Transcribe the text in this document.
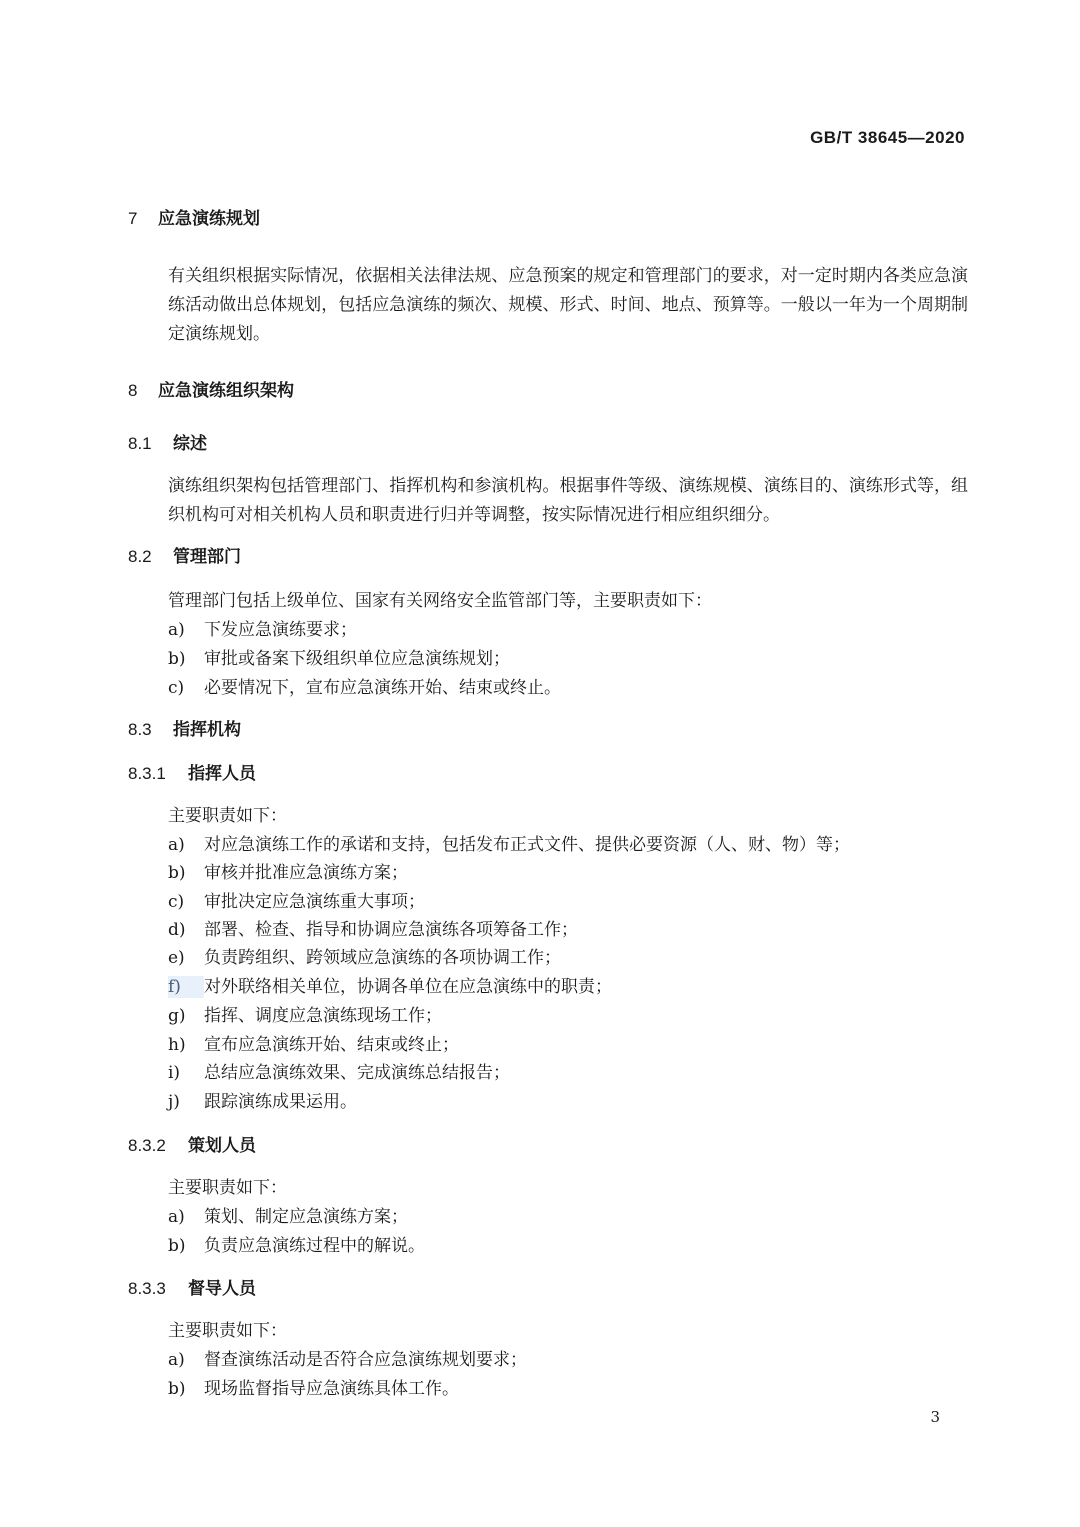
GB/T 38645—2020
7 应急演练规划
有关组织根据实际情况，依据相关法律法规、应急预案的规定和管理部门的要求，对一定时期内各类应急演练活动做出总体规划，包括应急演练的频次、规模、形式、时间、地点、预算等。一般以一年为一个周期制定演练规划。
8 应急演练组织架构
8.1 综述
演练组织架构包括管理部门、指挥机构和参演机构。根据事件等级、演练规模、演练目的、演练形式等，组织机构可对相关机构人员和职责进行归并等调整，按实际情况进行相应组织细分。
8.2 管理部门
管理部门包括上级单位、国家有关网络安全监管部门等，主要职责如下：
a) 下发应急演练要求；
b) 审批或备案下级组织单位应急演练规划；
c) 必要情况下，宣布应急演练开始、结束或终止。
8.3 指挥机构
8.3.1 指挥人员
主要职责如下：
a) 对应急演练工作的承诺和支持，包括发布正式文件、提供必要资源（人、财、物）等；
b) 审核并批准应急演练方案；
c) 审批决定应急演练重大事项；
d) 部署、检查、指导和协调应急演练各项筹备工作；
e) 负责跨组织、跨领域应急演练的各项协调工作；
f) 对外联络相关单位，协调各单位在应急演练中的职责；
g) 指挥、调度应急演练现场工作；
h) 宣布应急演练开始、结束或终止；
i) 总结应急演练效果、完成演练总结报告；
j) 跟踪演练成果运用。
8.3.2 策划人员
主要职责如下：
a) 策划、制定应急演练方案；
b) 负责应急演练过程中的解说。
8.3.3 督导人员
主要职责如下：
a) 督查演练活动是否符合应急演练规划要求；
b) 现场监督指导应急演练具体工作。
3
